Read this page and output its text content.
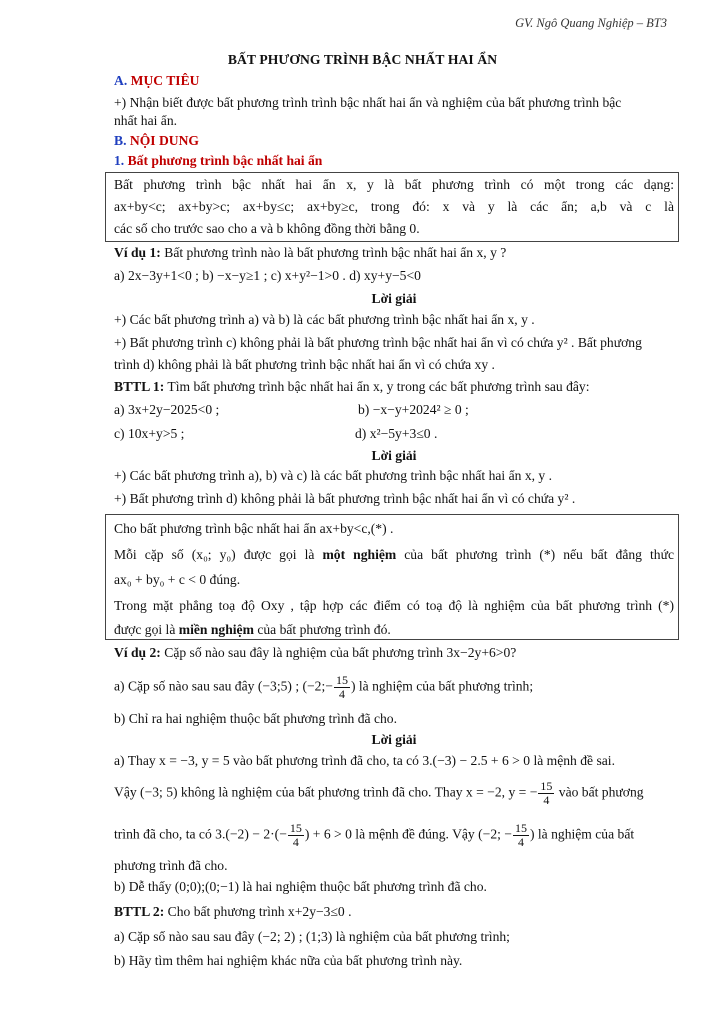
GV. Ngô Quang Nghiệp – BT3
BẤT PHƯƠNG TRÌNH BẬC NHẤT HAI ẨN
A. MỤC TIÊU
+) Nhận biết được bất phương trình trình bậc nhất hai ẩn và nghiệm của bất phương trình bậc
nhất hai ẩn.
B. NỘI DUNG
1. Bất phương trình bậc nhất hai ẩn
Bất phương trình bậc nhất hai ẩn x, y là bất phương trình có một trong các dạng:
ax+by<c; ax+by>c; ax+by≤c; ax+by≥c, trong đó: x và y là các ẩn; a,b và c là
các số cho trước sao cho a và b không đồng thời bằng 0.
Ví dụ 1: Bất phương trình nào là bất phương trình bậc nhất hai ẩn x, y ?
a) 2x−3y+1<0 ; b) −x−y≥1 ; c) x+y²−1>0 . d) xy+y−5<0
Lời giải
+) Các bất phương trình a) và b) là các bất phương trình bậc nhất hai ẩn x, y .
+) Bất phương trình c) không phải là bất phương trình bậc nhất hai ẩn vì có chứa y² . Bất phương
trình d) không phải là bất phương trình bậc nhất hai ẩn vì có chứa xy .
BTTL 1: Tìm bất phương trình bậc nhất hai ẩn x, y trong các bất phương trình sau đây:
a) 3x+2y−2025<0 ;	b) −x−y+2024² ≥ 0 ;
c) 10x+y>5 ;	d) x²−5y+3≤0 .
Lời giải
+) Các bất phương trình a), b) và c) là các bất phương trình bậc nhất hai ẩn x, y .
+) Bất phương trình d) không phải là bất phương trình bậc nhất hai ẩn vì có chứa y² .
Cho bất phương trình bậc nhất hai ẩn ax+by<c,(*) .
Mỗi cặp số (x₀; y₀) được gọi là một nghiệm của bất phương trình (*) nếu bất đẳng thức
ax₀ + by₀ + c < 0 đúng.
Trong mặt phẳng toạ độ Oxy , tập hợp các điểm có toạ độ là nghiệm của bất phương trình (*)
được gọi là miền nghiệm của bất phương trình đó.
Ví dụ 2: Cặp số nào sau đây là nghiệm của bất phương trình 3x−2y+6>0?
a) Cặp số nào sau sau đây (−3;5) ; (−2;− $\frac{15}{4}$ ) là nghiệm của bất phương trình;
b) Chỉ ra hai nghiệm thuộc bất phương trình đã cho.
Lời giải
a) Thay x = −3, y = 5 vào bất phương trình đã cho, ta có 3.(−3) − 2.5 + 6 > 0 là mệnh đề sai.
Vậy (−3; 5) không là nghiệm của bất phương trình đã cho. Thay x = −2, y = − $\frac{15}{4}$ vào bất phương
trình đã cho, ta có $3.(-2) - 2\cdot(- \frac{15}{4}$ ) + 6 > 0 là mệnh đề đúng. Vậy (−2; − $\frac{15}{4}$ ) là nghiệm của bất
phương trình đã cho.
b) Dễ thấy (0;0);(0;−1) là hai nghiệm thuộc bất phương trình đã cho.
BTTL 2: Cho bất phương trình x+2y−3≤0 .
a) Cặp số nào sau sau đây (−2; 2) ; (1;3) là nghiệm của bất phương trình;
b) Hãy tìm thêm hai nghiệm khác nữa của bất phương trình này.
